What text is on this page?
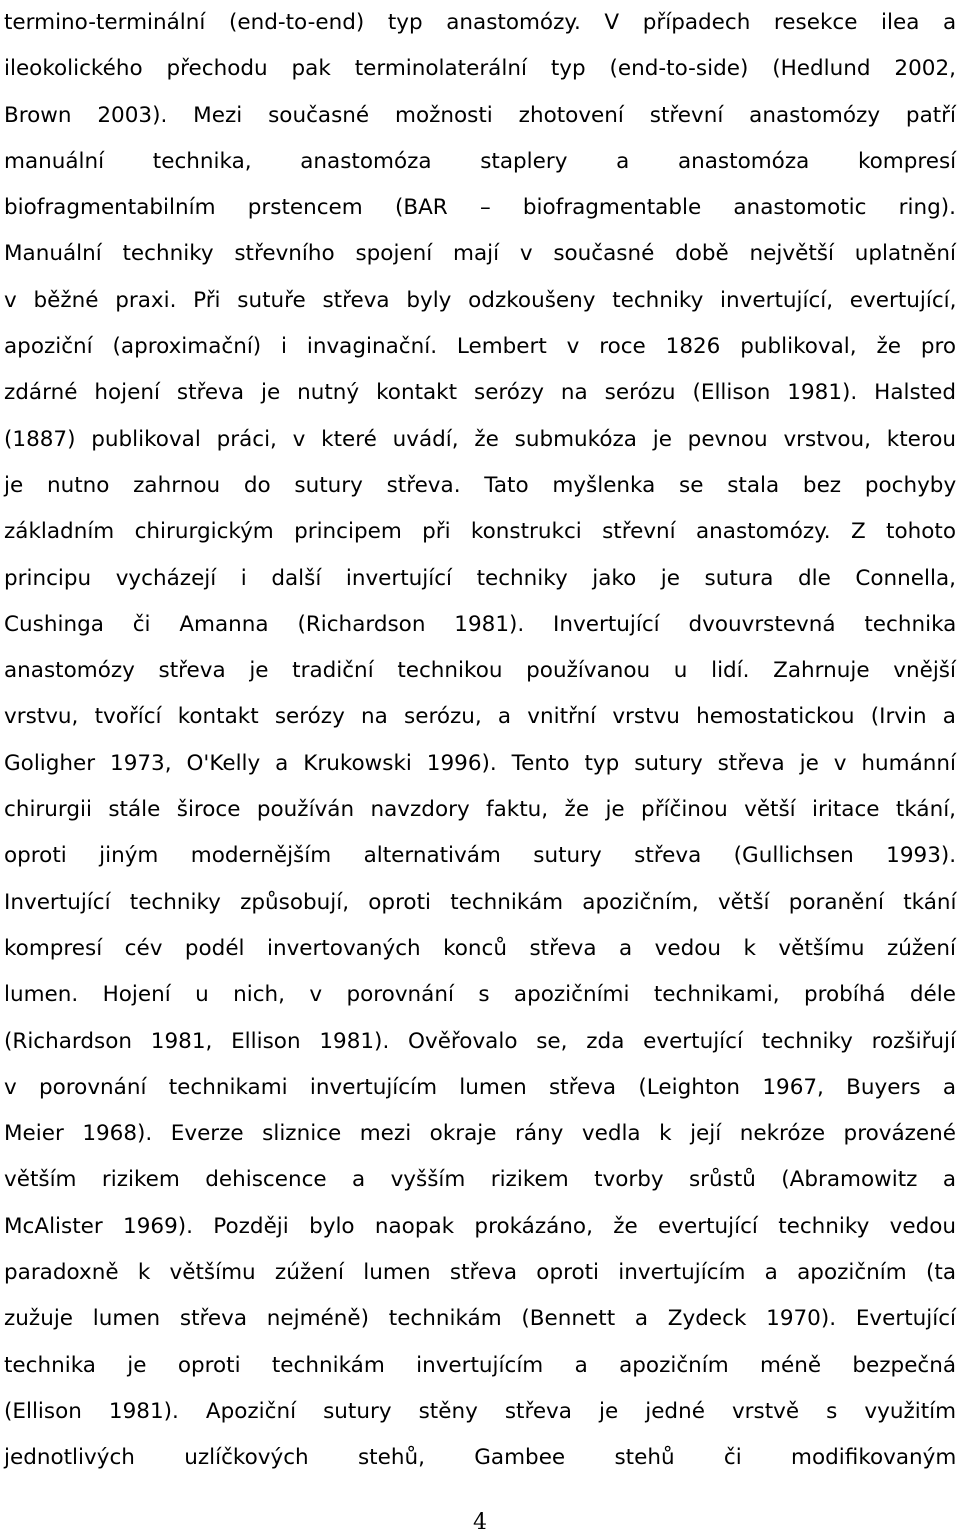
termino-terminální (end-to-end) typ anastomózy. V případech resekce ilea a
ileokolického přechodu pak terminolaterální typ (end-to-side) (Hedlund 2002,
Brown 2003). Mezi současné možnosti zhotovení střevní anastomózy patří
manuální technika, anastomóza staplery a anastomóza kompresí
biofragmentabilním prstencem (BAR – biofragmentable anastomotic ring).
Manuální techniky střevního spojení mají v současné době největší uplatnění
v běžné praxi. Při sutuře střeva byly odzkoušeny techniky invertující, evertující,
apoziční (aproximační) i invaginační. Lembert v roce 1826 publikoval, že pro
zdárné hojení střeva je nutný kontakt serózy na serózu (Ellison 1981). Halsted
(1887) publikoval práci, v které uvádí, že submukóza je pevnou vrstvou, kterou
je nutno zahrnou do sutury střeva. Tato myšlenka se stala bez pochyby
základním chirurgickým principem při konstrukci střevní anastomózy. Z tohoto
principu vycházejí i další invertující techniky jako je sutura dle Connella,
Cushinga či Amanna (Richardson 1981). Invertující dvouvrstevná technika
anastomózy střeva je tradiční technikou používanou u lidí. Zahrnuje vnější
vrstvu, tvořící kontakt serózy na serózu, a vnitřní vrstvu hemostatickou (Irvin a
Goligher 1973, O'Kelly a Krukowski 1996). Tento typ sutury střeva je v humánní
chirurgii stále široce používán navzdory faktu, že je příčinou větší iritace tkání,
oproti jiným modernějším alternativám sutury střeva (Gullichsen 1993).
Invertující techniky způsobují, oproti technikám apozičním, větší poranění tkání
kompresí cév podél invertovaných konců střeva a vedou k většímu zúžení
lumen. Hojení u nich, v porovnání s apozičními technikami, probíhá déle
(Richardson 1981, Ellison 1981). Ověřovalo se, zda evertující techniky rozšiřují
v porovnání technikami invertujícím lumen střeva (Leighton 1967, Buyers a
Meier 1968). Everze sliznice mezi okraje rány vedla k její nekróze provázené
větším rizikem dehiscence a vyšším rizikem tvorby srůstů (Abramowitz a
McAlister 1969). Později bylo naopak prokázáno, že evertující techniky vedou
paradoxně k většímu zúžení lumen střeva oproti invertujícím a apozičním (ta
zužuje lumen střeva nejméně) technikám (Bennett a Zydeck 1970). Evertující
technika je oproti technikám invertujícím a apozičním méně bezpečná
(Ellison 1981). Apoziční sutury stěny střeva je jedné vrstvě s využitím
jednotlivých uzlíčkových stehů, Gambee stehů či modifikovaným
4
